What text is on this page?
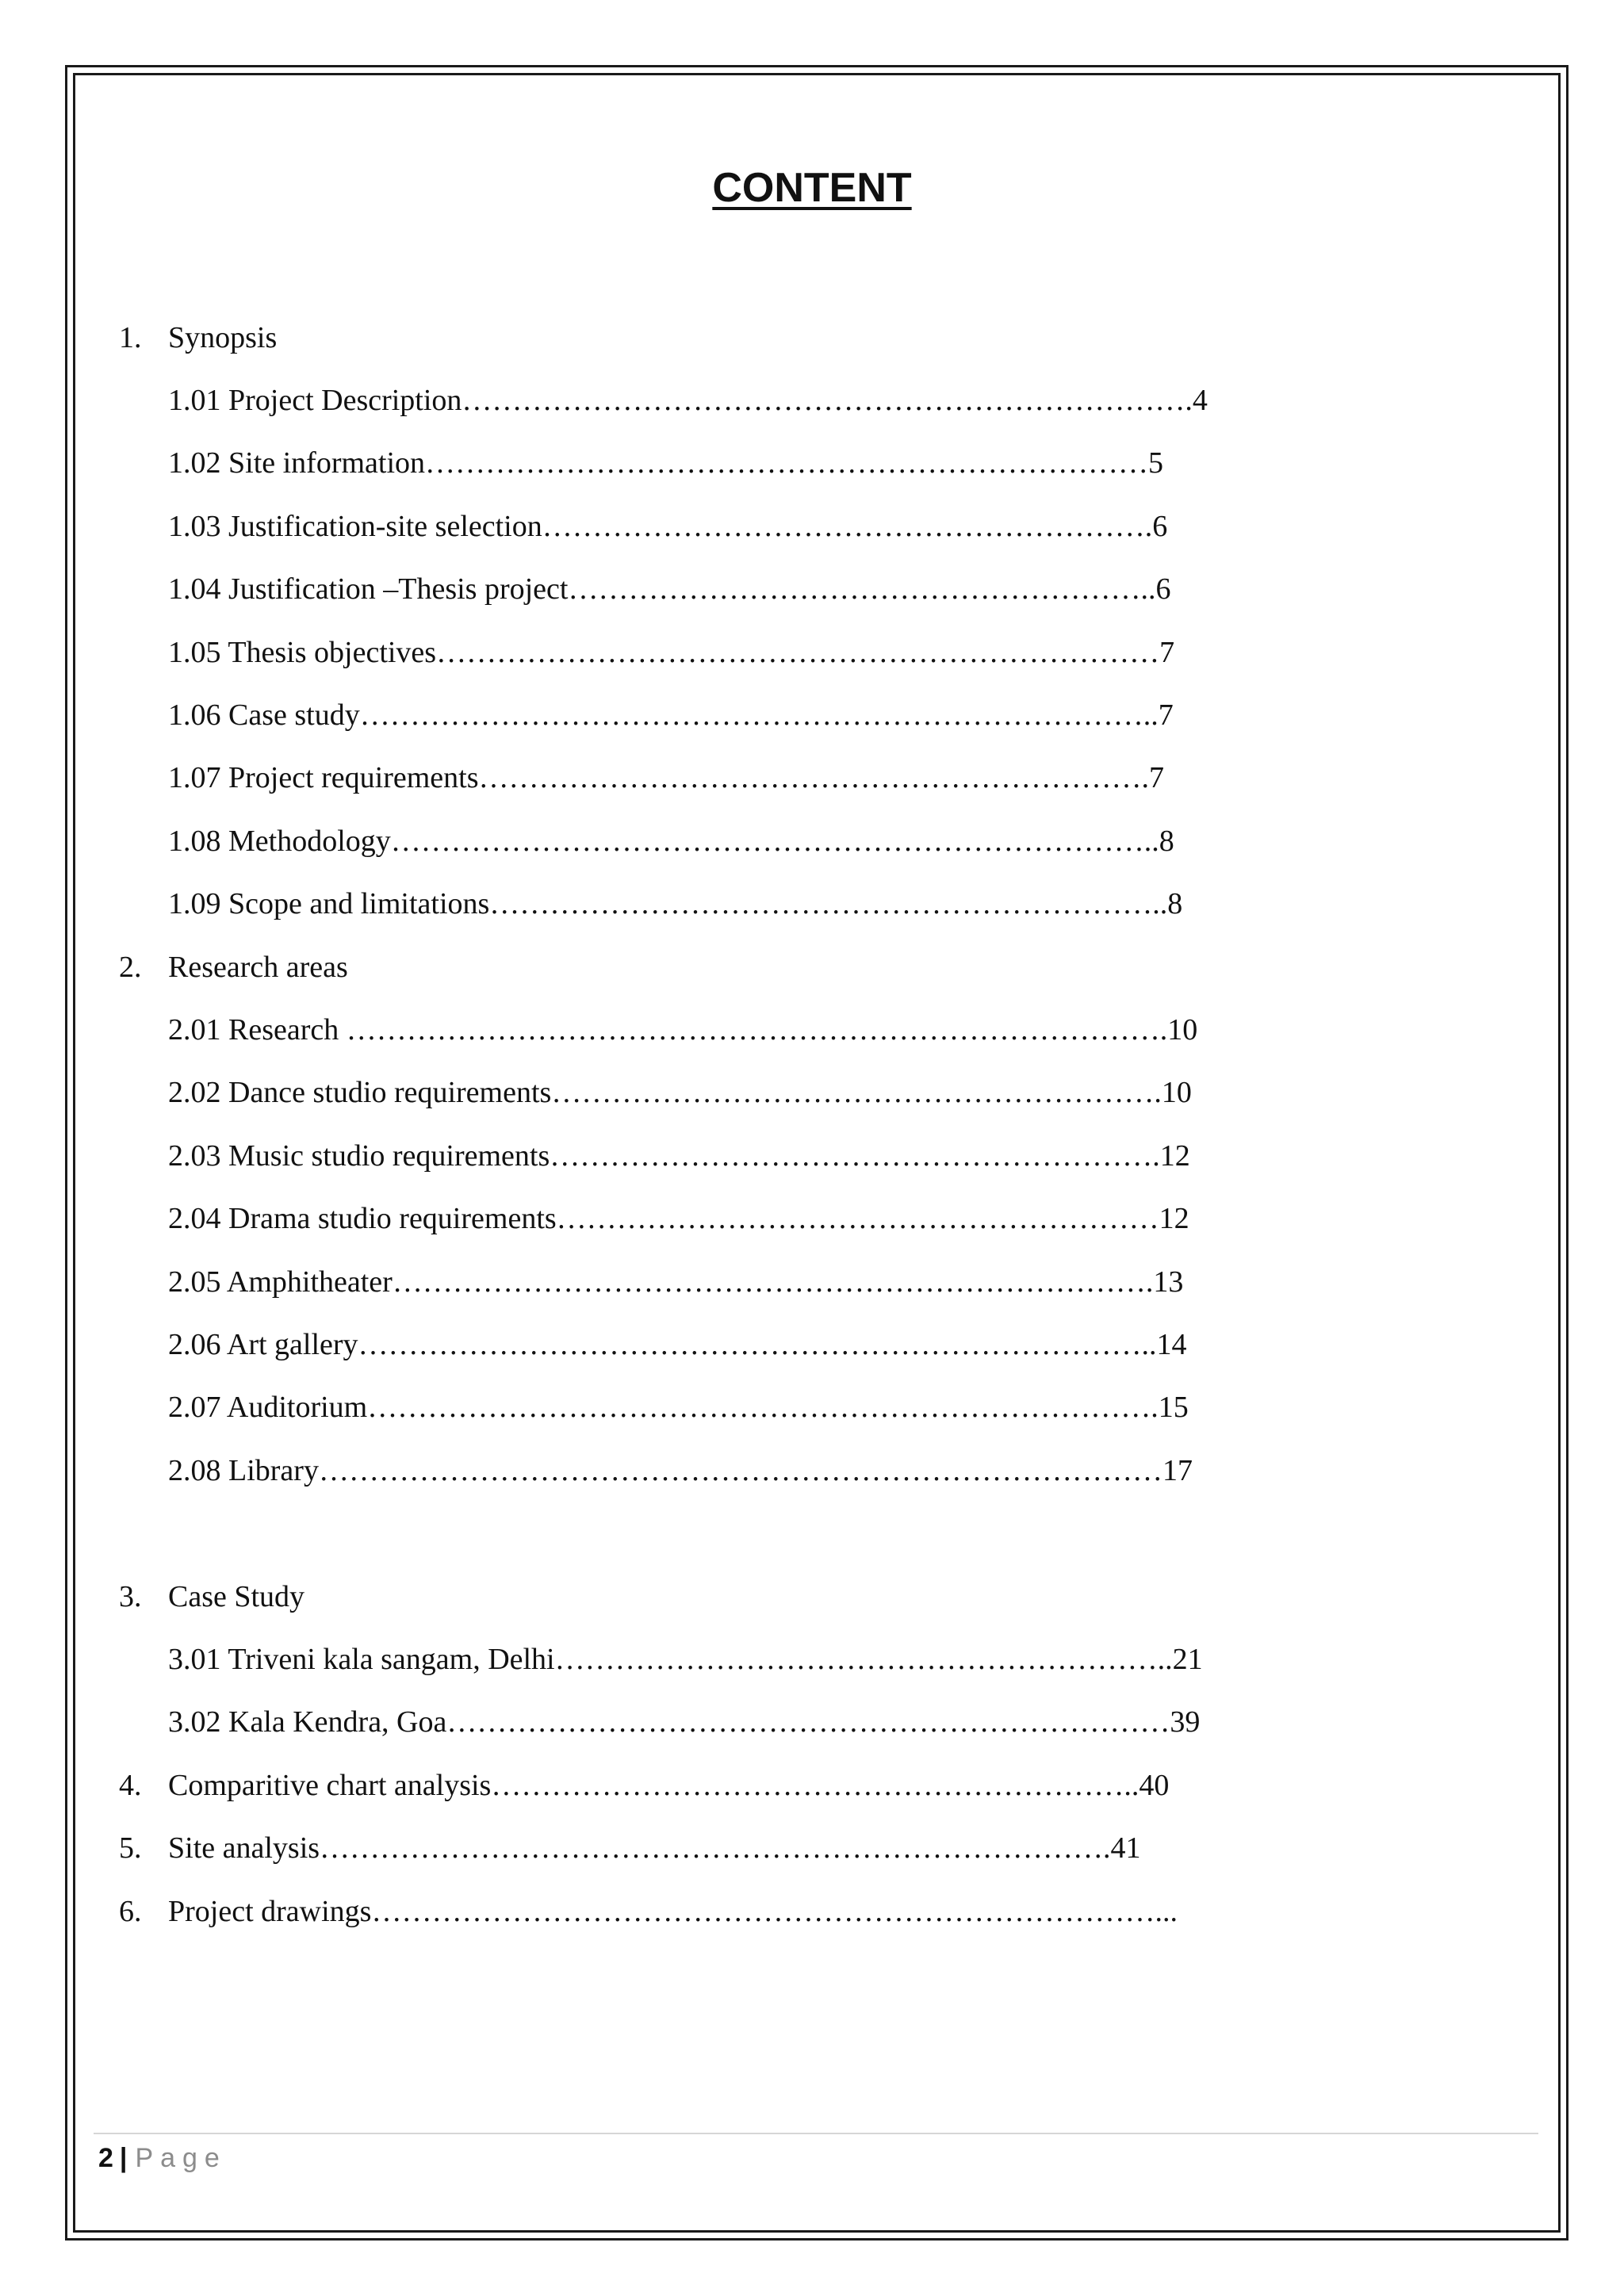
CONTENT

1. Synopsis

1.01 Project Description……………………………………………………………….4

1.02 Site information………………………………………………………………5

1.03 Justification-site selection…………………………………………………….6

1.04 Justification –Thesis project…………………………………………………..6

1.05 Thesis objectives………………………………………………………………7

1.06 Case study……………………………………………………………………..7

1.07 Project requirements………………………………………………………….7

1.08 Methodology…………………………………………………………………..8

1.09 Scope and limitations…………………………………………………………..8

2. Research areas

2.01 Research ……………………………………………………………………….10

2.02 Dance studio requirements…………………………………………………….10

2.03 Music studio requirements…………………………………………………….12

2.04 Drama studio requirements……………………………………………………12

2.05 Amphitheater………………………………………………………………….13

2.06 Art gallery……………………………………………………………………..14

2.07 Auditorium…………………………………………………………………….15

2.08 Library…………………………………………………………………………17

3. Case Study

3.01 Triveni kala sangam, Delhi……………………………………………………..21

3.02 Kala Kendra, Goa………………………………………………………………39

4. Comparitive chart analysis………………………………………………………..40

5. Site analysis…………………………………………………………………….41

6. Project drawings……………………………………………………………………...

2 | Page
